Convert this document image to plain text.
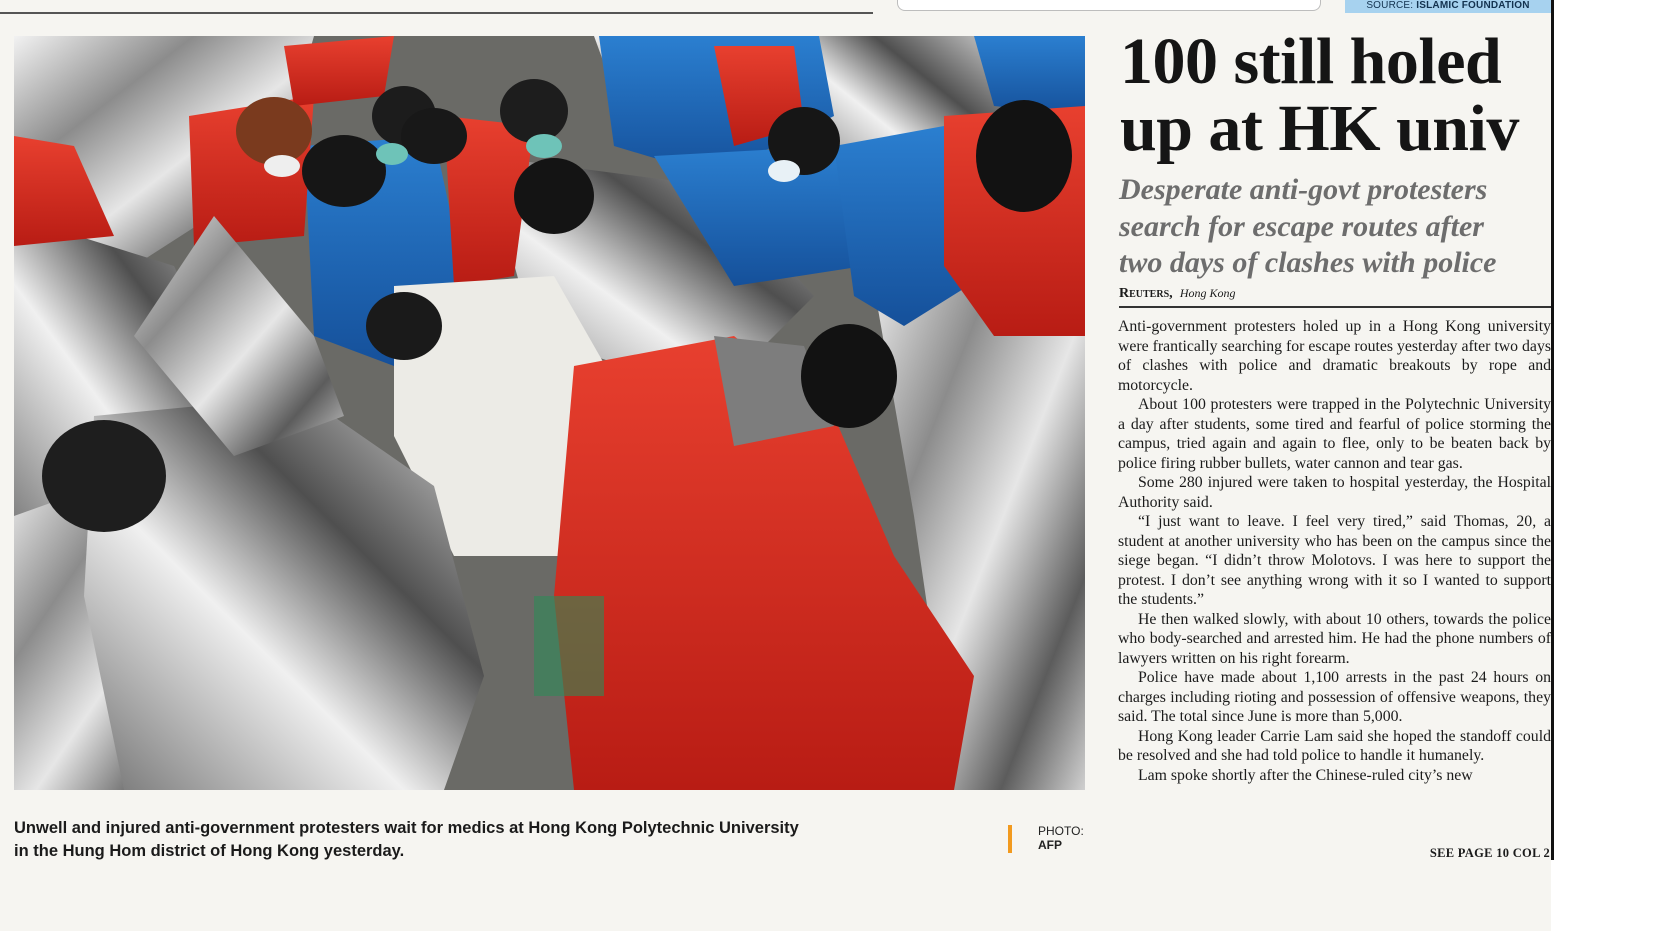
SOURCE: ISLAMIC FOUNDATION
Unwell and injured anti-government protesters wait for medics at Hong Kong Polytechnic University
in the Hung Hom district of Hong Kong yesterday.
PHOTO:
AFP
100 still holed
up at HK univ
Desperate anti-govt protesters
search for escape routes after
two days of clashes with police
Reuters, Hong Kong

Anti-government protesters holed up in a Hong Kong university were frantically searching for escape routes yesterday after two days of clashes with police and dramatic breakouts by rope and motorcycle.

About 100 protesters were trapped in the Polytechnic University a day after students, some tired and fearful of police storming the campus, tried again and again to flee, only to be beaten back by police firing rubber bullets, water cannon and tear gas.

Some 280 injured were taken to hospital yesterday, the Hospital Authority said.

“I just want to leave. I feel very tired,” said Thomas, 20, a student at another university who has been on the campus since the siege began. “I didn’t throw Molotovs. I was here to support the protest. I don’t see anything wrong with it so I wanted to support the students.”

He then walked slowly, with about 10 others, towards the police who body-searched and arrested him. He had the phone numbers of lawyers written on his right forearm.

Police have made about 1,100 arrests in the past 24 hours on charges including rioting and possession of offensive weapons, they said. The total since June is more than 5,000.

Hong Kong leader Carrie Lam said she hoped the standoff could be resolved and she had told police to handle it humanely.

Lam spoke shortly after the Chinese-ruled city’s new

SEE PAGE 10 COL 2
